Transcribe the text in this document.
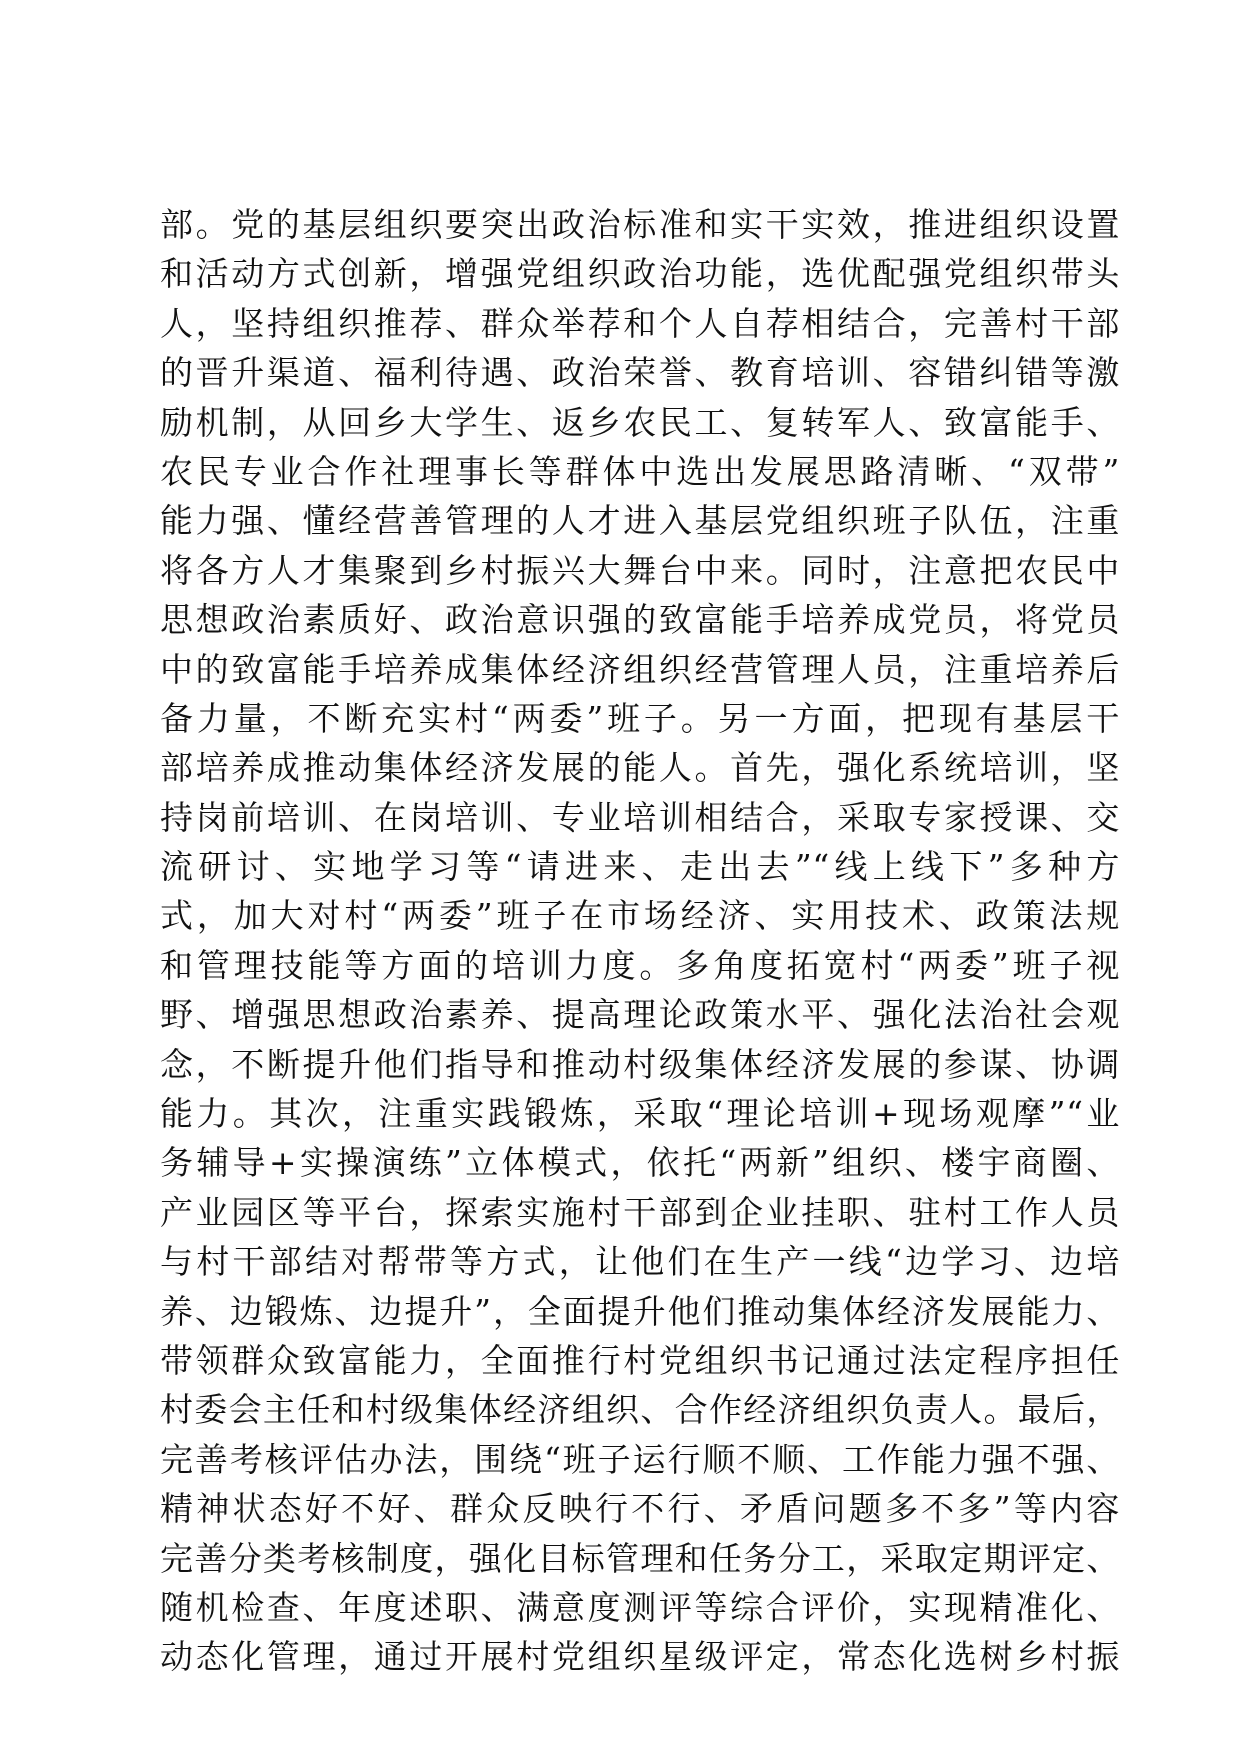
部。党的基层组织要突出政治标准和实干实效，推进组织设置
和活动方式创新，增强党组织政治功能，选优配强党组织带头
人，坚持组织推荐、群众举荐和个人自荐相结合，完善村干部
的晋升渠道、福利待遇、政治荣誉、教育培训、容错纠错等激
励机制，从回乡大学生、返乡农民工、复转军人、致富能手、
农民专业合作社理事长等群体中选出发展思路清晰、“双带”
能力强、懂经营善管理的人才进入基层党组织班子队伍，注重
将各方人才集聚到乡村振兴大舞台中来。同时，注意把农民中
思想政治素质好、政治意识强的致富能手培养成党员，将党员
中的致富能手培养成集体经济组织经营管理人员，注重培养后
备力量，不断充实村“两委”班子。另一方面，把现有基层干
部培养成推动集体经济发展的能人。首先，强化系统培训，坚
持岗前培训、在岗培训、专业培训相结合，采取专家授课、交
流研讨、实地学习等“请进来、走出去”“线上线下”多种方
式，加大对村“两委”班子在市场经济、实用技术、政策法规
和管理技能等方面的培训力度。多角度拓宽村“两委”班子视
野、增强思想政治素养、提高理论政策水平、强化法治社会观
念，不断提升他们指导和推动村级集体经济发展的参谋、协调
能力。其次，注重实践锻炼，采取“理论培训+现场观摩”“业
务辅导+实操演练”立体模式，依托“两新”组织、楼宇商圈、
产业园区等平台，探索实施村干部到企业挂职、驻村工作人员
与村干部结对帮带等方式，让他们在生产一线“边学习、边培
养、边锻炼、边提升”，全面提升他们推动集体经济发展能力、
带领群众致富能力，全面推行村党组织书记通过法定程序担任
村委会主任和村级集体经济组织、合作经济组织负责人。最后，
完善考核评估办法，围绕“班子运行顺不顺、工作能力强不强、
精神状态好不好、群众反映行不行、矛盾问题多不多”等内容
完善分类考核制度，强化目标管理和任务分工，采取定期评定、
随机检查、年度述职、满意度测评等综合评价，实现精准化、
动态化管理，通过开展村党组织星级评定，常态化选树乡村振
